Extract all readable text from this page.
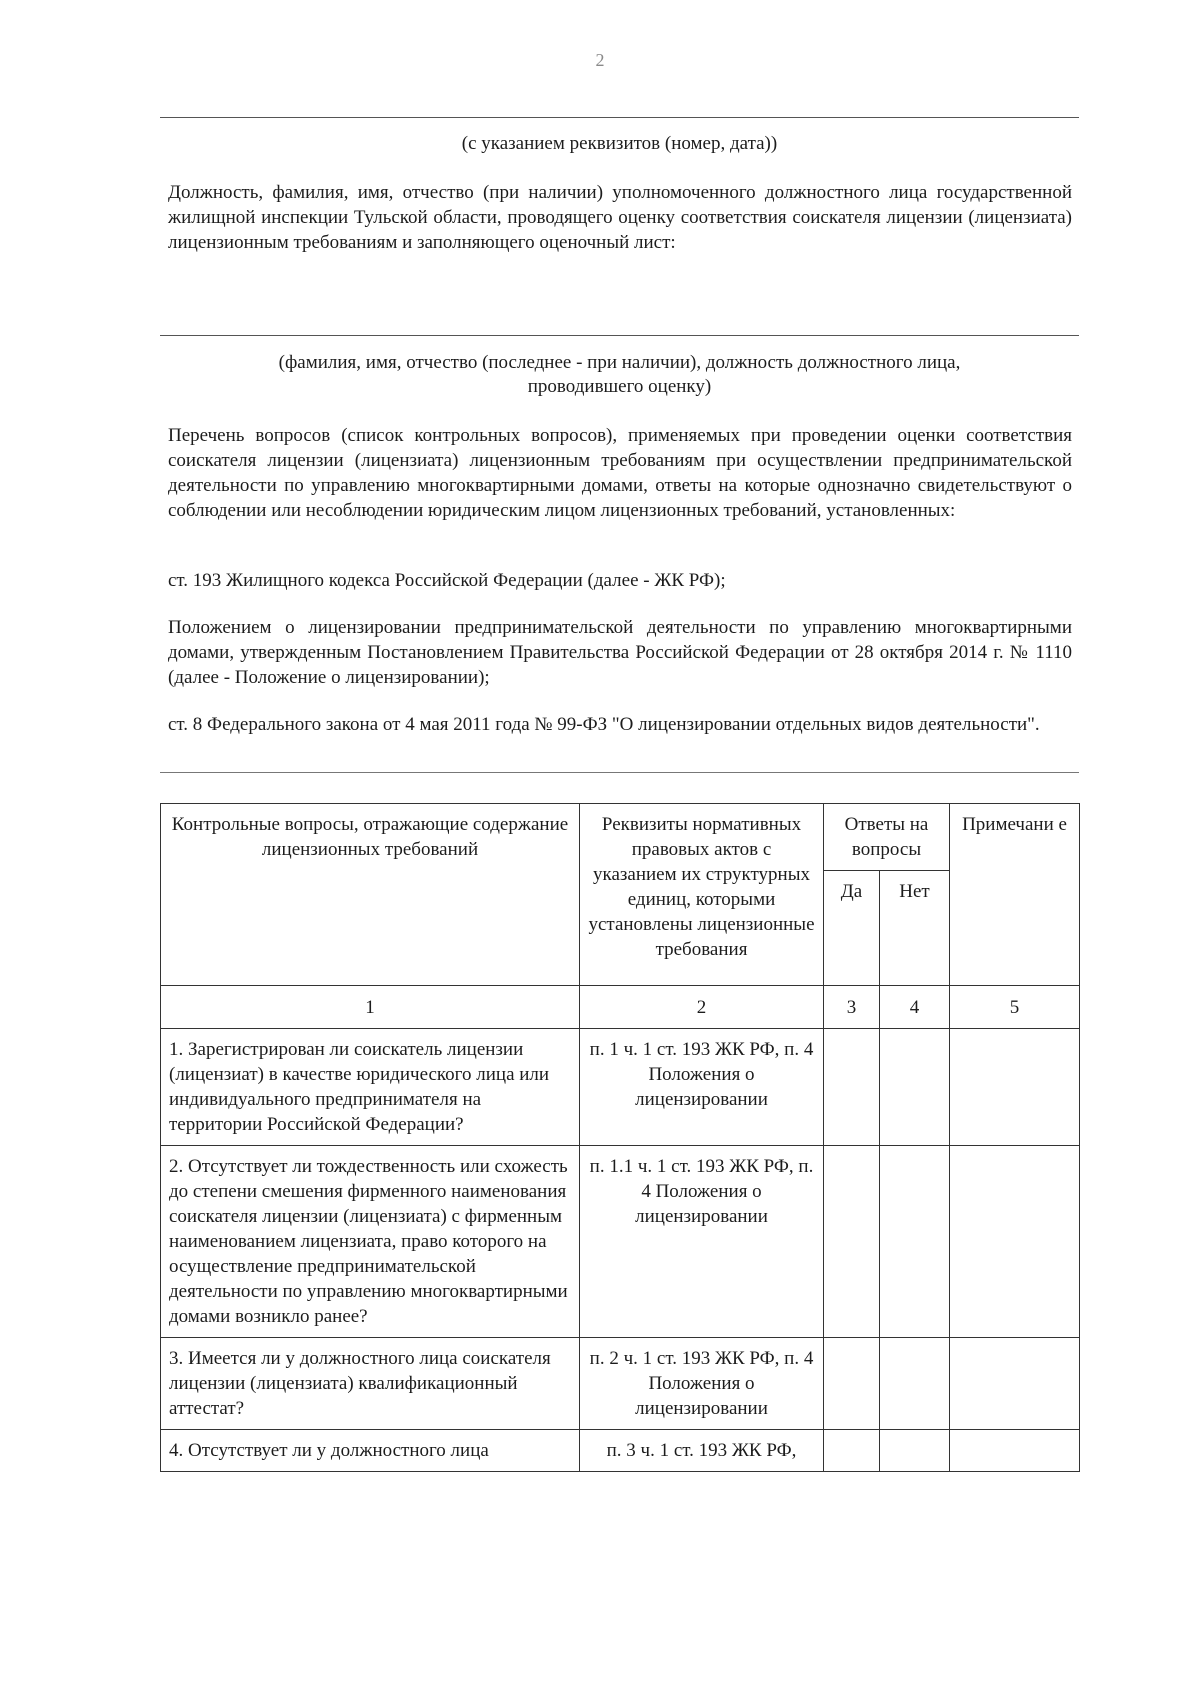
2
(с указанием реквизитов (номер, дата))
Должность, фамилия, имя, отчество (при наличии) уполномоченного должностного лица государственной жилищной инспекции Тульской области, проводящего оценку соответствия соискателя лицензии (лицензиата) лицензионным требованиям и заполняющего оценочный лист:
(фамилия, имя, отчество (последнее - при наличии), должность должностного лица,
проводившего оценку)
Перечень вопросов (список контрольных вопросов), применяемых при проведении оценки соответствия соискателя лицензии (лицензиата) лицензионным требованиям при осуществлении предпринимательской деятельности по управлению многоквартирными домами, ответы на которые однозначно свидетельствуют о соблюдении или несоблюдении юридическим лицом лицензионных требований, установленных:
ст. 193 Жилищного кодекса Российской Федерации (далее - ЖК РФ);
Положением о лицензировании предпринимательской деятельности по управлению многоквартирными домами, утвержденным Постановлением Правительства Российской Федерации от 28 октября 2014 г. № 1110 (далее - Положение о лицензировании);
ст. 8 Федерального закона от 4 мая 2011 года № 99-ФЗ "О лицензировании отдельных видов деятельности".
Контрольные вопросы, отражающие содержание лицензионных требований	Реквизиты нормативных правовых актов с указанием их структурных единиц, которыми установлены лицензионные требования	Ответы на вопросы		Примечани е
		Да	Нет	
1	2	3	4	5
1. Зарегистрирован ли соискатель лицензии (лицензиат) в качестве юридического лица или индивидуального предпринимателя на территории Российской Федерации?	п. 1 ч. 1 ст. 193 ЖК РФ, п. 4 Положения о лицензировании			
2. Отсутствует ли тождественность или схожесть до степени смешения фирменного наименования соискателя лицензии (лицензиата) с фирменным наименованием лицензиата, право которого на осуществление предпринимательской деятельности по управлению многоквартирными домами возникло ранее?	п. 1.1 ч. 1 ст. 193 ЖК РФ, п. 4 Положения о лицензировании			
3. Имеется ли у должностного лица соискателя лицензии (лицензиата) квалификационный аттестат?	п. 2 ч. 1 ст. 193 ЖК РФ, п. 4 Положения о лицензировании			
4. Отсутствует ли у должностного лица	п. 3 ч. 1 ст. 193 ЖК РФ,			
